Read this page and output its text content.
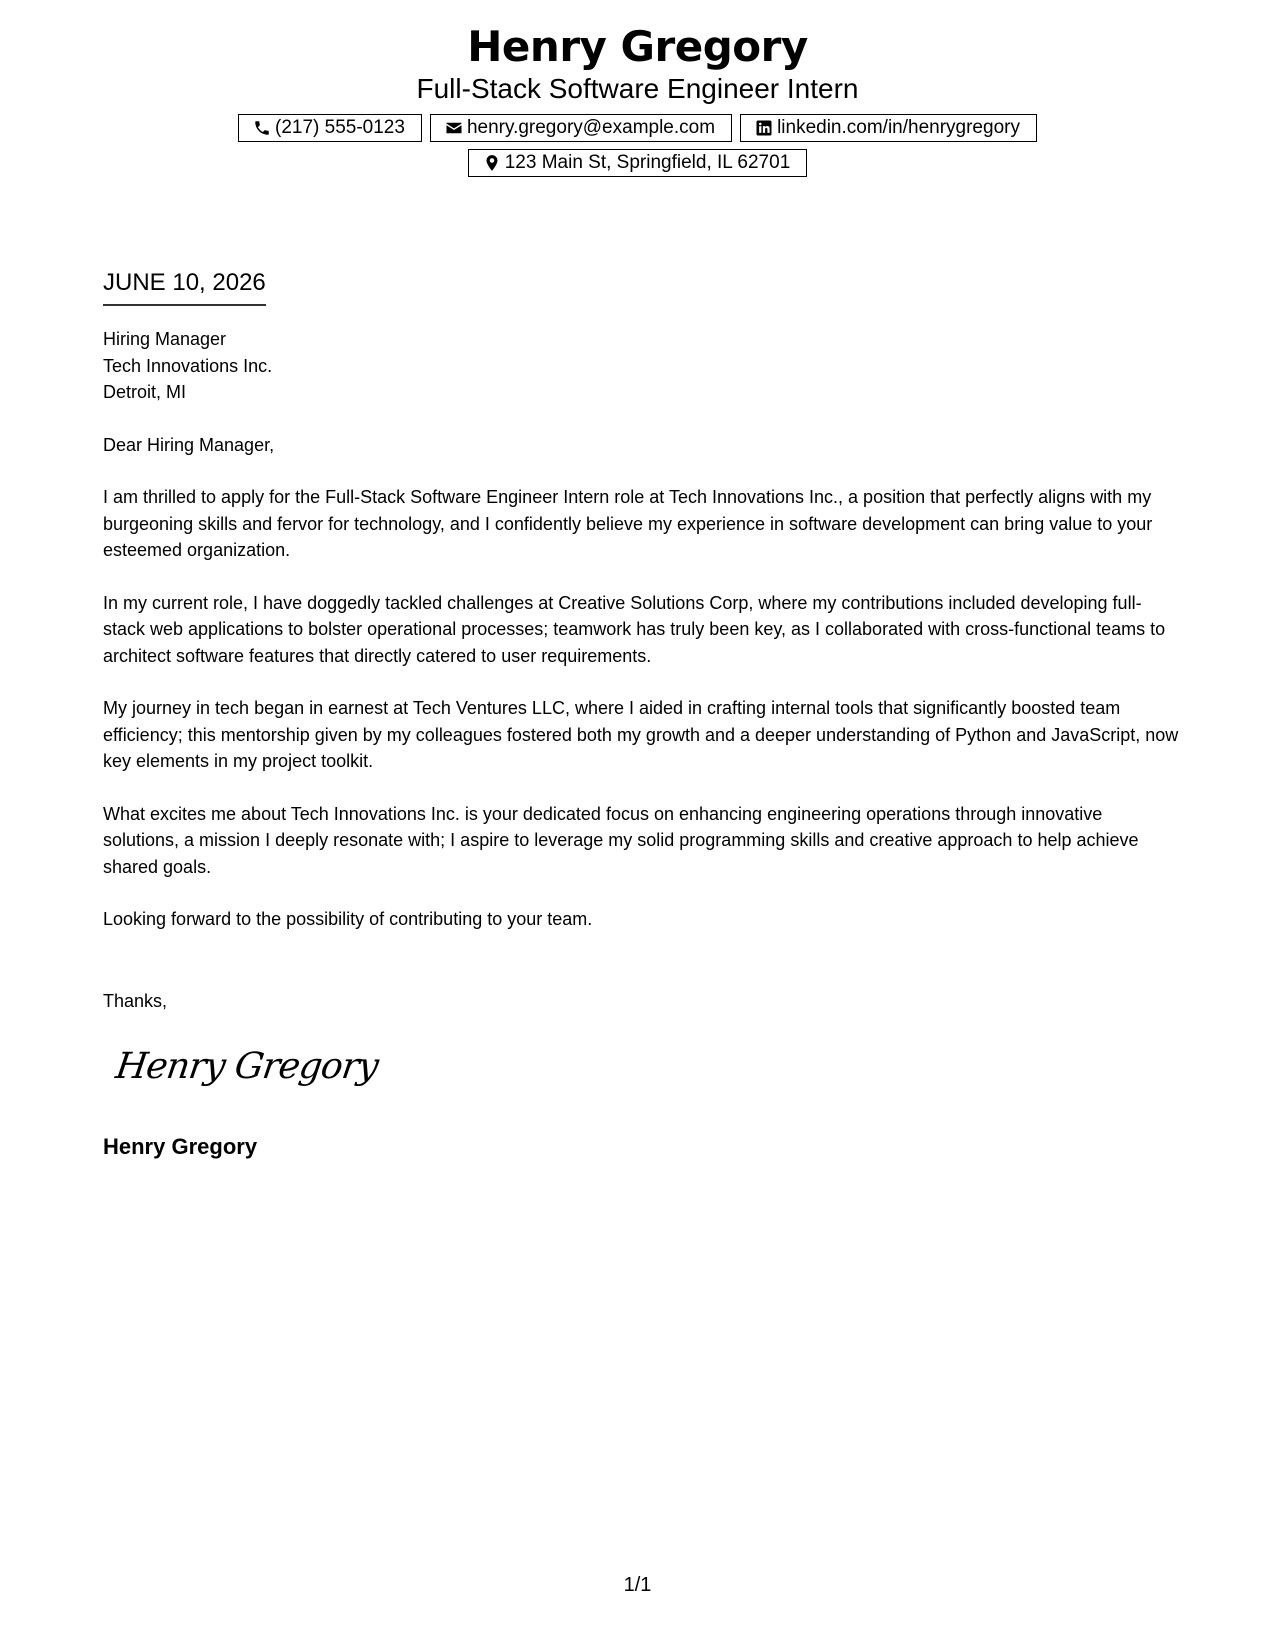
Henry Gregory
Full-Stack Software Engineer Intern
(217) 555-0123	henry.gregory@example.com	linkedin.com/in/henrygregory
123 Main St, Springfield, IL 62701
JUNE 10, 2026
Hiring Manager
Tech Innovations Inc.
Detroit, MI

Dear Hiring Manager,

I am thrilled to apply for the Full-Stack Software Engineer Intern role at Tech Innovations Inc., a position that perfectly aligns with my burgeoning skills and fervor for technology, and I confidently believe my experience in software development can bring value to your esteemed organization.

In my current role, I have doggedly tackled challenges at Creative Solutions Corp, where my contributions included developing full-stack web applications to bolster operational processes; teamwork has truly been key, as I collaborated with cross-functional teams to architect software features that directly catered to user requirements.

My journey in tech began in earnest at Tech Ventures LLC, where I aided in crafting internal tools that significantly boosted team efficiency; this mentorship given by my colleagues fostered both my growth and a deeper understanding of Python and JavaScript, now key elements in my project toolkit.

What excites me about Tech Innovations Inc. is your dedicated focus on enhancing engineering operations through innovative solutions, a mission I deeply resonate with; I aspire to leverage my solid programming skills and creative approach to help achieve shared goals.

Looking forward to the possibility of contributing to your team.

Thanks,
Henry Gregory
Henry Gregory
1/1
